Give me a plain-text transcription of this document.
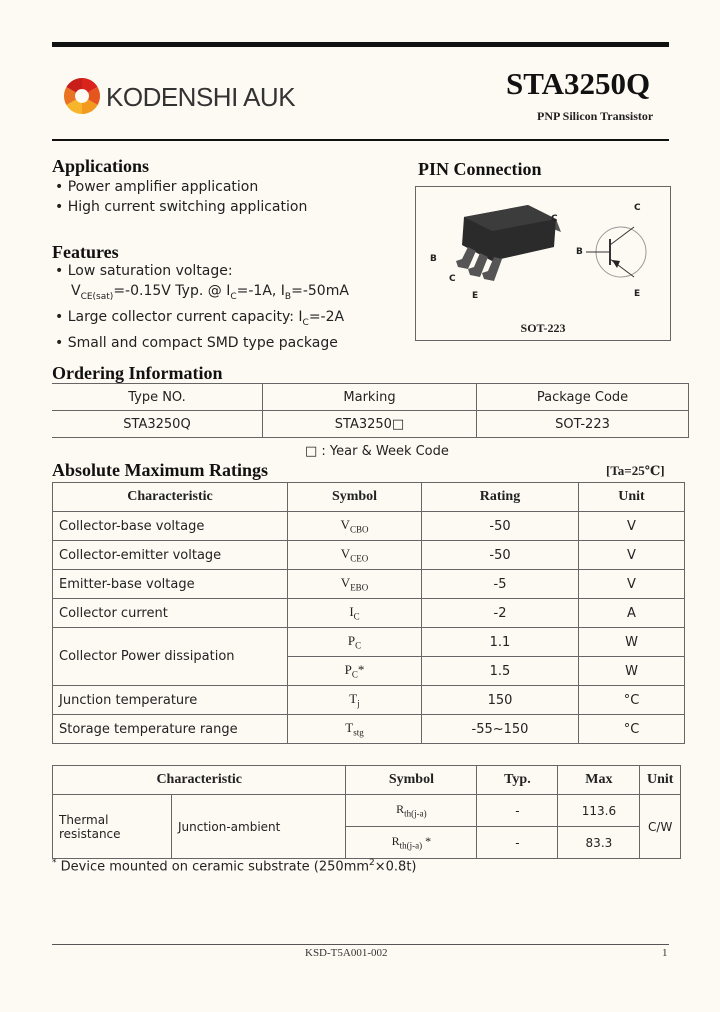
KODENSHI AUK	STA3250Q
PNP Silicon Transistor
Applications
• Power amplifier application
• High current switching application
Features
• Low saturation voltage:
$V_{CE(sat)}=-0.15V$ Typ. @ $I_C=-1A$, $I_B=-50mA$
• Large collector current capacity: $I_C=-2A$
• Small and compact SMD type package
PIN Connection
C
B
C
E
C
B
E
SOT-223
Ordering Information
Type NO.	Marking	Package Code
STA3250Q	STA3250□	SOT-223
□ : Year & Week Code
Absolute Maximum Ratings	[Ta=25℃]
Characteristic	Symbol	Rating	Unit
Collector-base voltage	$V_{CBO}$	-50	V
Collector-emitter voltage	$V_{CEO}$	-50	V
Emitter-base voltage	$V_{EBO}$	-5	V
Collector current	$I_C$	-2	A
Collector Power dissipation	$P_C$	1.1	W
	$P_C*$	1.5	W
Junction temperature	$T_j$	150	°C
Storage temperature range	$T_{stg}$	-55~150	°C
Characteristic		Symbol	Typ.	Max	Unit
Thermal resistance	Junction-ambient	$R_{th(j-a)}$	-	113.6	C/W
		$R_{th(j-a)}$ *	-	83.3	
* Device mounted on ceramic substrate $(250mm^2\times 0.8t)$
KSD-T5A001-002	1
